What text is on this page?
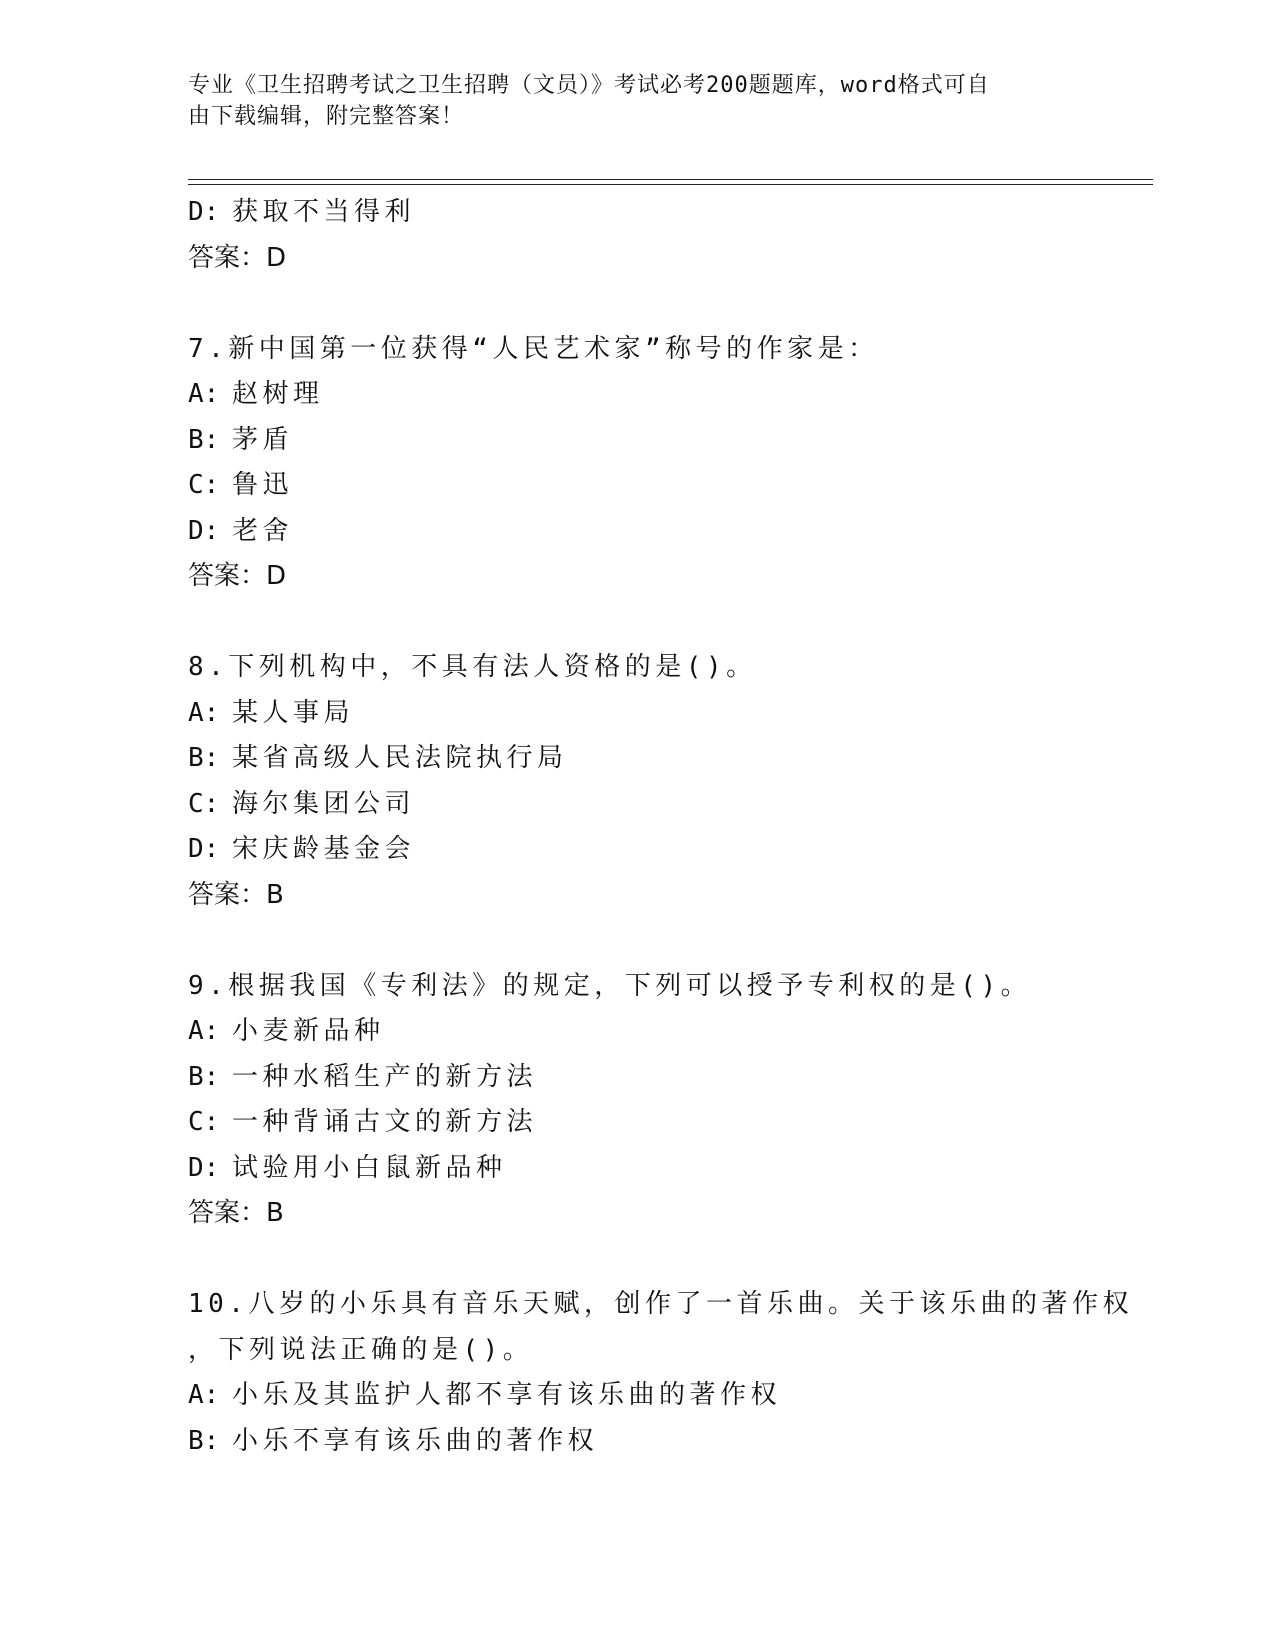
专业《卫生招聘考试之卫生招聘（文员）》考试必考200题题库，word格式可自
由下载编辑，附完整答案！
D: 获取不当得利
答案：D
7.新中国第一位获得“人民艺术家”称号的作家是：
A: 赵树理
B: 茅盾
C: 鲁迅
D: 老舍
答案：D
8.下列机构中，不具有法人资格的是()。
A: 某人事局
B: 某省高级人民法院执行局
C: 海尔集团公司
D: 宋庆龄基金会
答案：B
9.根据我国《专利法》的规定，下列可以授予专利权的是()。
A: 小麦新品种
B: 一种水稻生产的新方法
C: 一种背诵古文的新方法
D: 试验用小白鼠新品种
答案：B
10.八岁的小乐具有音乐天赋，创作了一首乐曲。关于该乐曲的著作权
，下列说法正确的是()。
A: 小乐及其监护人都不享有该乐曲的著作权
B: 小乐不享有该乐曲的著作权
